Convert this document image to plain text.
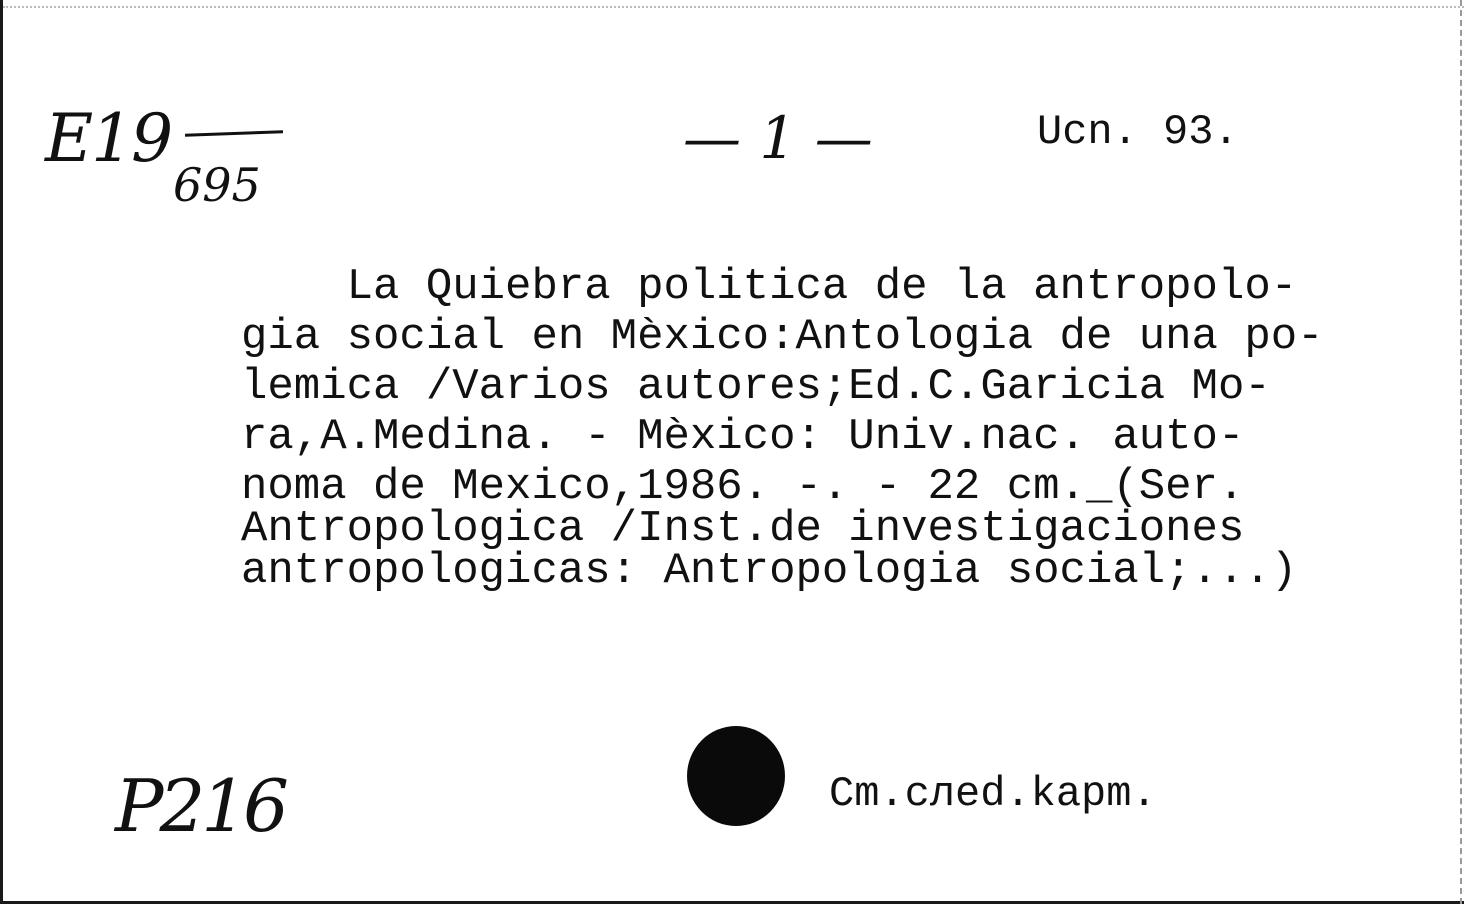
E19
695
— 1 —	Ucn. 93.
La Quiebra politica de la antropolo-
gia social en Mèxico:Antologia de una po-
lemica /Varios autores;Ed.C.Garicia Mo-
ra,A.Medina. - Mèxico: Univ.nac. auto-
noma de Mexico,1986. -. - 22 cm._(Ser.
Antropologica /Inst.de investigaciones
antropologicas: Antropologia social;...)
Cm.cлed.kapm.
P216
